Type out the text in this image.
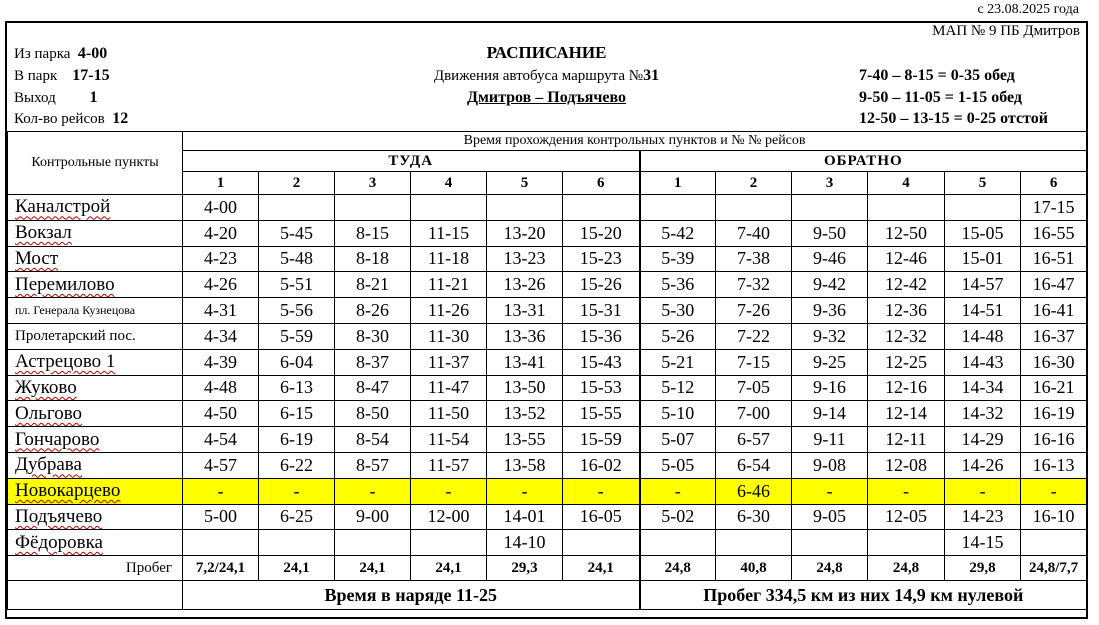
с 23.08.2025 года
МАП № 9 ПБ Дмитров
Из парка 4-00
В парк 17-15
Выход 1
Кол-во рейсов 12
РАСПИСАНИЕ
Движения автобуса маршрута №31
Дмитров – Подъячево
7-40 – 8-15 = 0-35 обед
9-50 – 11-05 = 1-15 обед
12-50 – 13-15 = 0-25 отстой
Контрольные пункты	Время прохождения контрольных пунктов и № № рейсов											
	ТУДА						ОБРАТНО					
	1	2	3	4	5	6	1	2	3	4	5	6
Каналстрой	4-00											17-15
Вокзал	4-20	5-45	8-15	11-15	13-20	15-20	5-42	7-40	9-50	12-50	15-05	16-55
Мост	4-23	5-48	8-18	11-18	13-23	15-23	5-39	7-38	9-46	12-46	15-01	16-51
Перемилово	4-26	5-51	8-21	11-21	13-26	15-26	5-36	7-32	9-42	12-42	14-57	16-47
пл. Генерала Кузнецова	4-31	5-56	8-26	11-26	13-31	15-31	5-30	7-26	9-36	12-36	14-51	16-41
Пролетарский пос.	4-34	5-59	8-30	11-30	13-36	15-36	5-26	7-22	9-32	12-32	14-48	16-37
Астрецово 1	4-39	6-04	8-37	11-37	13-41	15-43	5-21	7-15	9-25	12-25	14-43	16-30
Жуково	4-48	6-13	8-47	11-47	13-50	15-53	5-12	7-05	9-16	12-16	14-34	16-21
Ольгово	4-50	6-15	8-50	11-50	13-52	15-55	5-10	7-00	9-14	12-14	14-32	16-19
Гончарово	4-54	6-19	8-54	11-54	13-55	15-59	5-07	6-57	9-11	12-11	14-29	16-16
Дубрава	4-57	6-22	8-57	11-57	13-58	16-02	5-05	6-54	9-08	12-08	14-26	16-13
Новокарцево	-	-	-	-	-	-	-	6-46	-	-	-	-
Подъячево	5-00	6-25	9-00	12-00	14-01	16-05	5-02	6-30	9-05	12-05	14-23	16-10
Фёдоровка					14-10						14-15	
Пробег	7,2/24,1	24,1	24,1	24,1	29,3	24,1	24,8	40,8	24,8	24,8	29,8	24,8/7,7
	Время в наряде 11-25						Пробег 334,5 км из них 14,9 км нулевой					
